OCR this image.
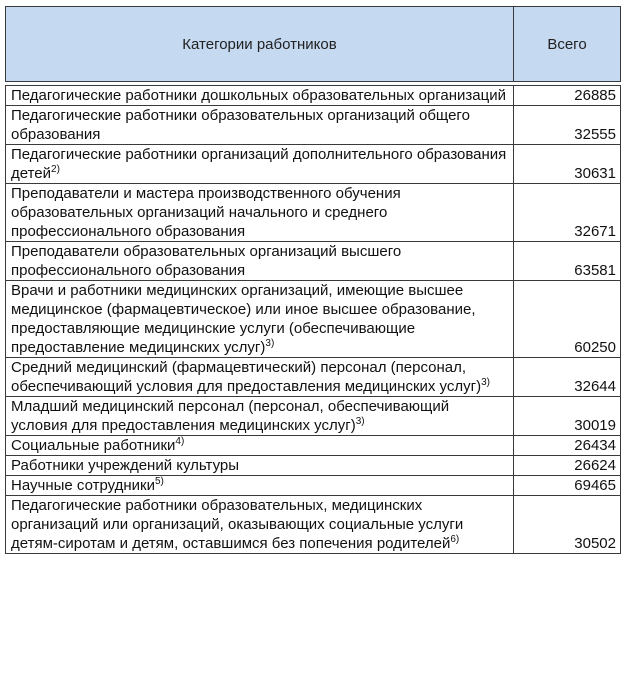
Категории работников	Всего

Педагогические работники дошкольных образовательных организаций	26885
Педагогические работники образовательных организаций общего образования	32555
Педагогические работники организаций дополнительного образования детей$^{2)}$	30631
Преподаватели и мастера производственного обучения образовательных организаций начального и среднего профессионального образования	32671
Преподаватели образовательных организаций высшего профессионального образования	63581
Врачи и работники медицинских организаций, имеющие высшее медицинское (фармацевтическое) или иное высшее образование, предоставляющие медицинские услуги (обеспечивающие предоставление медицинских услуг)$^{3)}$	60250
Средний медицинский (фармацевтический) персонал (персонал, обеспечивающий условия для предоставления медицинских услуг)$^{3)}$	32644
Младший медицинский персонал (персонал, обеспечивающий условия для предоставления медицинских услуг)$^{3)}$	30019
Социальные работники$^{4)}$	26434
Работники учреждений культуры	26624
Научные сотрудники$^{5)}$	69465
Педагогические работники образовательных, медицинских организаций или организаций, оказывающих социальные услуги детям-сиротам и детям, оставшимся без попечения родителей$^{6)}$	30502
